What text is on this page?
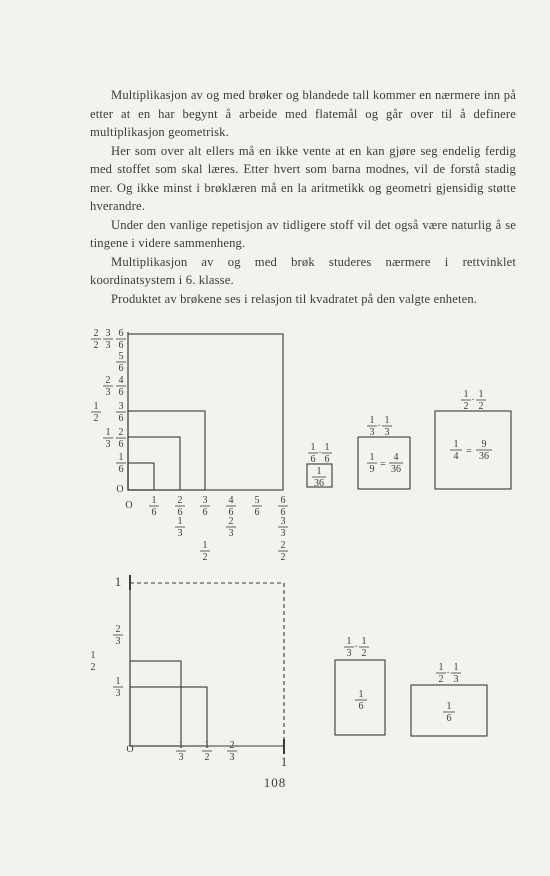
Multiplikasjon av og med brøker og blandede tall kommer en nærmere inn på etter at en har begynt å arbeide med flatemål og går over til å definere multiplikasjon geometrisk.

Her som over alt ellers må en ikke vente at en kan gjøre seg endelig ferdig med stoffet som skal læres. Etter hvert som barna modnes, vil de forstå stadig mer. Og ikke minst i brøklæren må en la aritmetikk og geometri gjensidig støtte hverandre.

Under den vanlige repetisjon av tidligere stoff vil det også være naturlig å se tingene i videre sammenheng.

Multiplikasjon av og med brøk studeres nærmere i rettvinklet koordinatsystem i 6. klasse.

Produktet av brøkene ses i relasjon til kvadratet på den valgte enheten.

2
2
3
3
6
6
5
6
2
3
4
6
1
2
3
6
1
3
2
6
1
6
O
O 1
6
2
6
3
6
4
6
5
6
6
6
1
3
2
3
3
3
1
2
2
2
1
6
·
1
6
1
36
1
3
·
1
3
1
9 =
4
36
1
2
·
1
2
1
4 =
9
36
1
2
3
1
2
1
3
O	1
3
1
2
2
3	1
1
3
·
1
2
1
6
1
2
·
1
3
1
6
108
